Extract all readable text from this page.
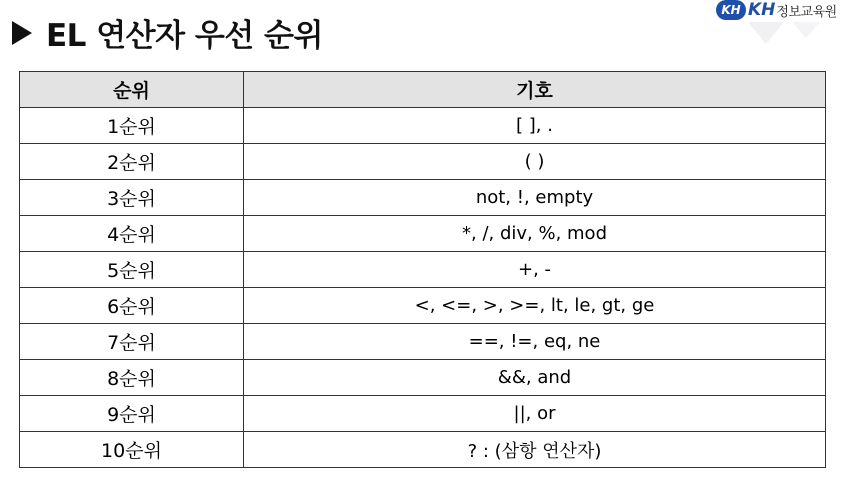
EL 연산자 우선 순위
KH KH 정보교육원
순위	기호
1순위	[ ], .
2순위	( )
3순위	not, !, empty
4순위	*, /, div, %, mod
5순위	+, -
6순위	<, <=, >, >=, lt, le, gt, ge
7순위	==, !=, eq, ne
8순위	&&, and
9순위	||, or
10순위	? : (삼항 연산자)
